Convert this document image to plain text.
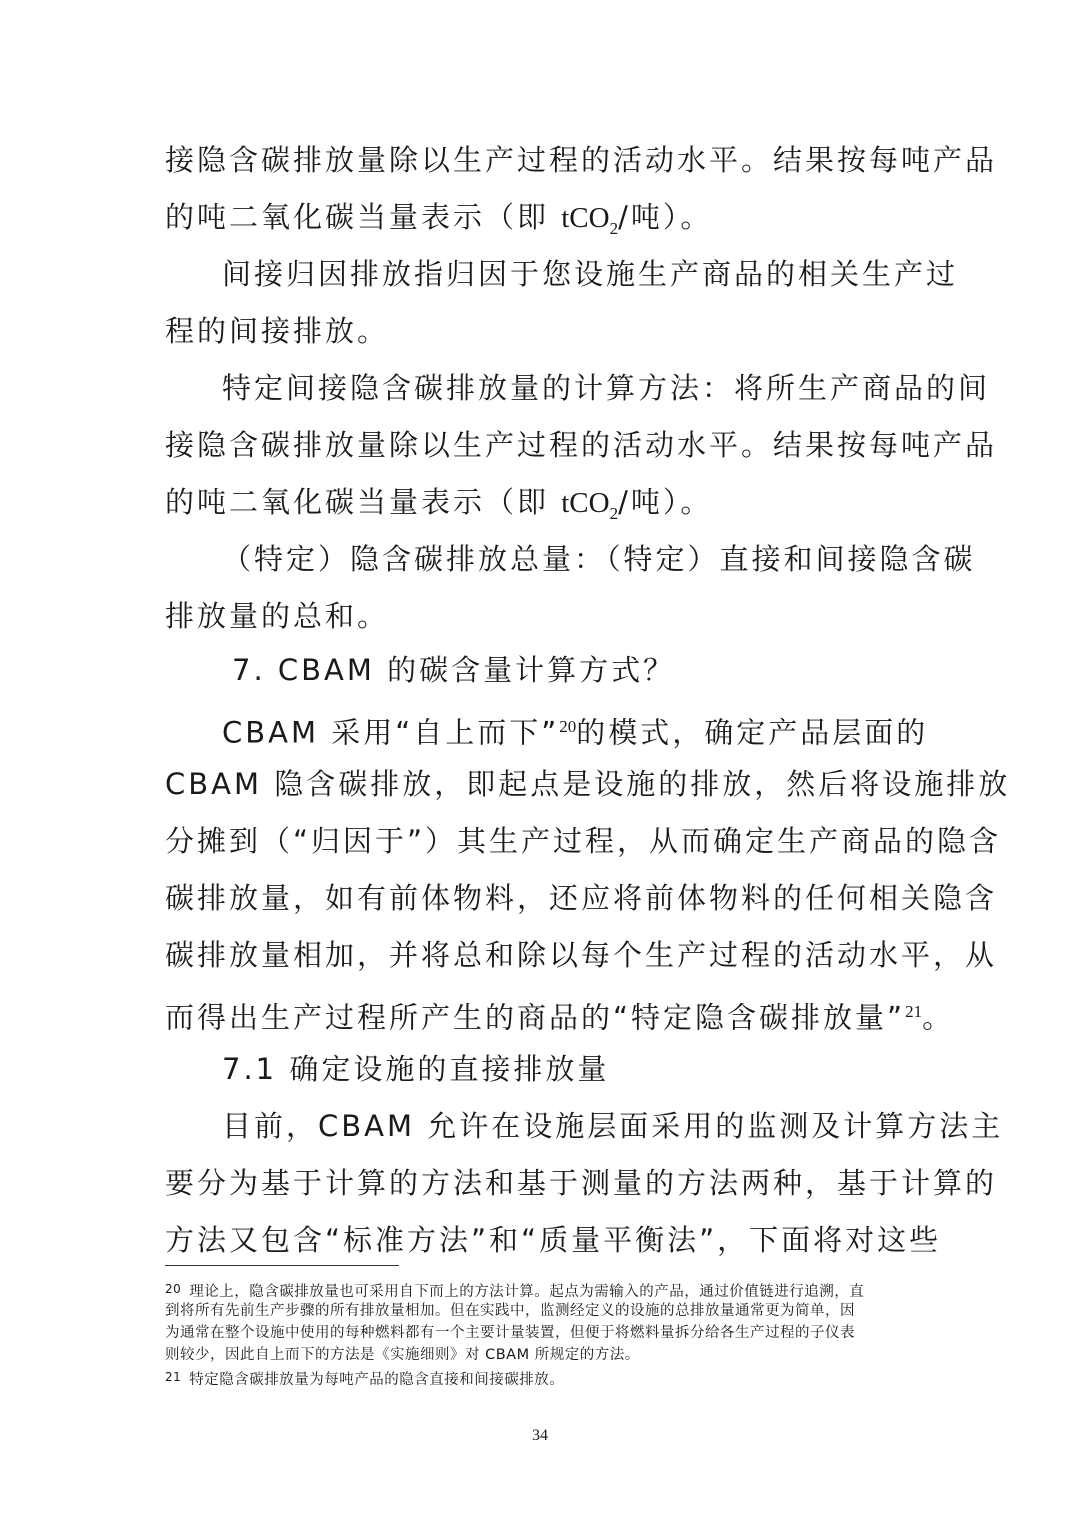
接隐含碳排放量除以生产过程的活动水平。结果按每吨产品
的吨二氧化碳当量表示（即 tCO$_2$/吨）。
间接归因排放指归因于您设施生产商品的相关生产过
程的间接排放。
特定间接隐含碳排放量的计算方法：将所生产商品的间
接隐含碳排放量除以生产过程的活动水平。结果按每吨产品
的吨二氧化碳当量表示（即 tCO$_2$/吨）。
（特定）隐含碳排放总量：（特定）直接和间接隐含碳
排放量的总和。
7. CBAM 的碳含量计算方式？
CBAM 采用“自上而下”$^{20}$的模式，确定产品层面的
CBAM 隐含碳排放，即起点是设施的排放，然后将设施排放
分摊到（“归因于”）其生产过程，从而确定生产商品的隐含
碳排放量，如有前体物料，还应将前体物料的任何相关隐含
碳排放量相加，并将总和除以每个生产过程的活动水平，从
而得出生产过程所产生的商品的“特定隐含碳排放量”$^{21}$。
7.1 确定设施的直接排放量
目前，CBAM 允许在设施层面采用的监测及计算方法主
要分为基于计算的方法和基于测量的方法两种，基于计算的
方法又包含“标准方法”和“质量平衡法”，下面将对这些
$^{20}$ 理论上，隐含碳排放量也可采用自下而上的方法计算。起点为需输入的产品，通过价值链进行追溯，直
到将所有先前生产步骤的所有排放量相加。但在实践中，监测经定义的设施的总排放量通常更为简单，因
为通常在整个设施中使用的每种燃料都有一个主要计量装置，但便于将燃料量拆分给各生产过程的子仪表
则较少，因此自上而下的方法是《实施细则》对 CBAM 所规定的方法。
$^{21}$ 特定隐含碳排放量为每吨产品的隐含直接和间接碳排放。
34
